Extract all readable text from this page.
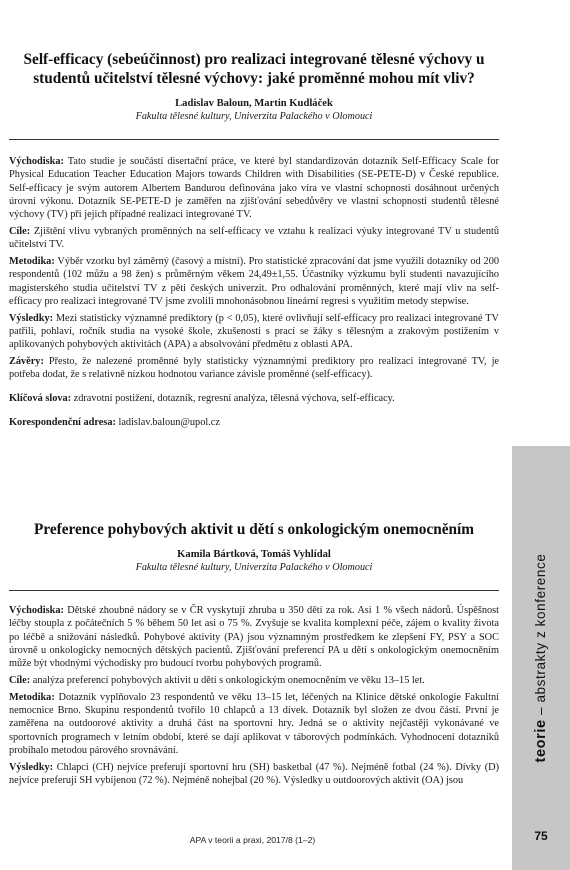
Self-efficacy (sebeúčinnost) pro realizaci integrované tělesné výchovy u studentů učitelství tělesné výchovy: jaké proměnné mohou mít vliv?
Ladislav Baloun, Martin Kudláček
Fakulta tělesné kultury, Univerzita Palackého v Olomouci

Východiska: Tato studie je součástí disertační práce, ve které byl standardizován dotazník Self-Efficacy Scale for Physical Education Teacher Education Majors towards Children with Disabilities (SE-PETE-D) v České republice. Self-efficacy je svým autorem Albertem Bandurou definována jako víra ve vlastní schopnosti dosáhnout určených úrovní výkonu. Dotazník SE-PETE-D je zaměřen na zjišťování sebedůvěry ve vlastní schopnosti studentů tělesné výchovy (TV) při jejich případné realizaci integrované TV.

Cíle: Zjištění vlivu vybraných proměnných na self-efficacy ve vztahu k realizaci výuky integrované TV u studentů učitelství TV.

Metodika: Výběr vzorku byl záměrný (časový a místní). Pro statistické zpracování dat jsme využili dotazníky od 200 respondentů (102 můžu a 98 žen) s průměrným věkem 24,49±1,55. Účastníky výzkumu byli studenti navazujícího magisterského studia učitelství TV z pěti českých univerzit. Pro odhalování proměnných, které mají vliv na self-efficacy pro realizaci integrované TV jsme zvolili mnohonásobnou lineární regresi s využitím metody stepwise.

Výsledky: Mezi statisticky významné prediktory (p < 0,05), které ovlivňují self-efficacy pro realizaci integrované TV patřili, pohlaví, ročník studia na vysoké škole, zkušenosti s prací se žáky s tělesným a zrakovým postižením v aplikovaných pohybových aktivitách (APA) a absolvování předmětu z oblasti APA.

Závěry: Přesto, že nalezené proměnné byly statisticky významnými prediktory pro realizaci integrované TV, je potřeba dodat, že s relativně nízkou hodnotou variance závisle proměnné (self-efficacy).

Klíčová slova: zdravotní postižení, dotazník, regresní analýza, tělesná výchova, self-efficacy.

Korespondenční adresa: ladislav.baloun@upol.cz

Preference pohybových aktivit u dětí s onkologickým onemocněním
Kamila Bártková, Tomáš Vyhlídal
Fakulta tělesné kultury, Univerzita Palackého v Olomouci

Východiska: Dětské zhoubné nádory se v ČR vyskytují zhruba u 350 dětí za rok. Asi 1 % všech nádorů. Úspěšnost léčby stoupla z počátečních 5 % během 50 let asi o 75 %. Zvyšuje se kvalita komplexní péče, zájem o kvality života po léčbě a snižování následků. Pohybové aktivity (PA) jsou významným prostředkem ke zlepšení FY, PSY a SOC úrovně u onkologicky nemocných dětských pacientů. Zjišťování preferencí PA u dětí s onkologickým onemocněním může být vhodnými východisky pro budoucí tvorbu pohybových programů.

Cíle: analýza preferencí pohybových aktivit u dětí s onkologickým onemocněním ve věku 13–15 let.

Metodika: Dotazník vyplňovalo 23 respondentů ve věku 13–15 let, léčených na Klinice dětské onkologie Fakultní nemocnice Brno. Skupinu respondentů tvořilo 10 chlapců a 13 dívek. Dotazník byl složen ze dvou částí. První je zaměřena na outdoorové aktivity a druhá část na sportovní hry. Jedná se o aktivity nejčastěji vykonávané ve sportovních programech v letním období, které se dají aplikovat v táborových podmínkách. Vyhodnocení dotazníků probíhalo metodou párového srovnávání.

Výsledky: Chlapci (CH) nejvíce preferují sportovní hru (SH) basketbal (47 %). Nejméně fotbal (24 %). Dívky (D) nejvíce preferují SH vybíjenou (72 %). Nejméně nohejbal (20 %). Výsledky u outdoorových aktivit (OA) jsou

teorie – abstrakty z konference
75
APA v teorii a praxi, 2017/8 (1–2)
